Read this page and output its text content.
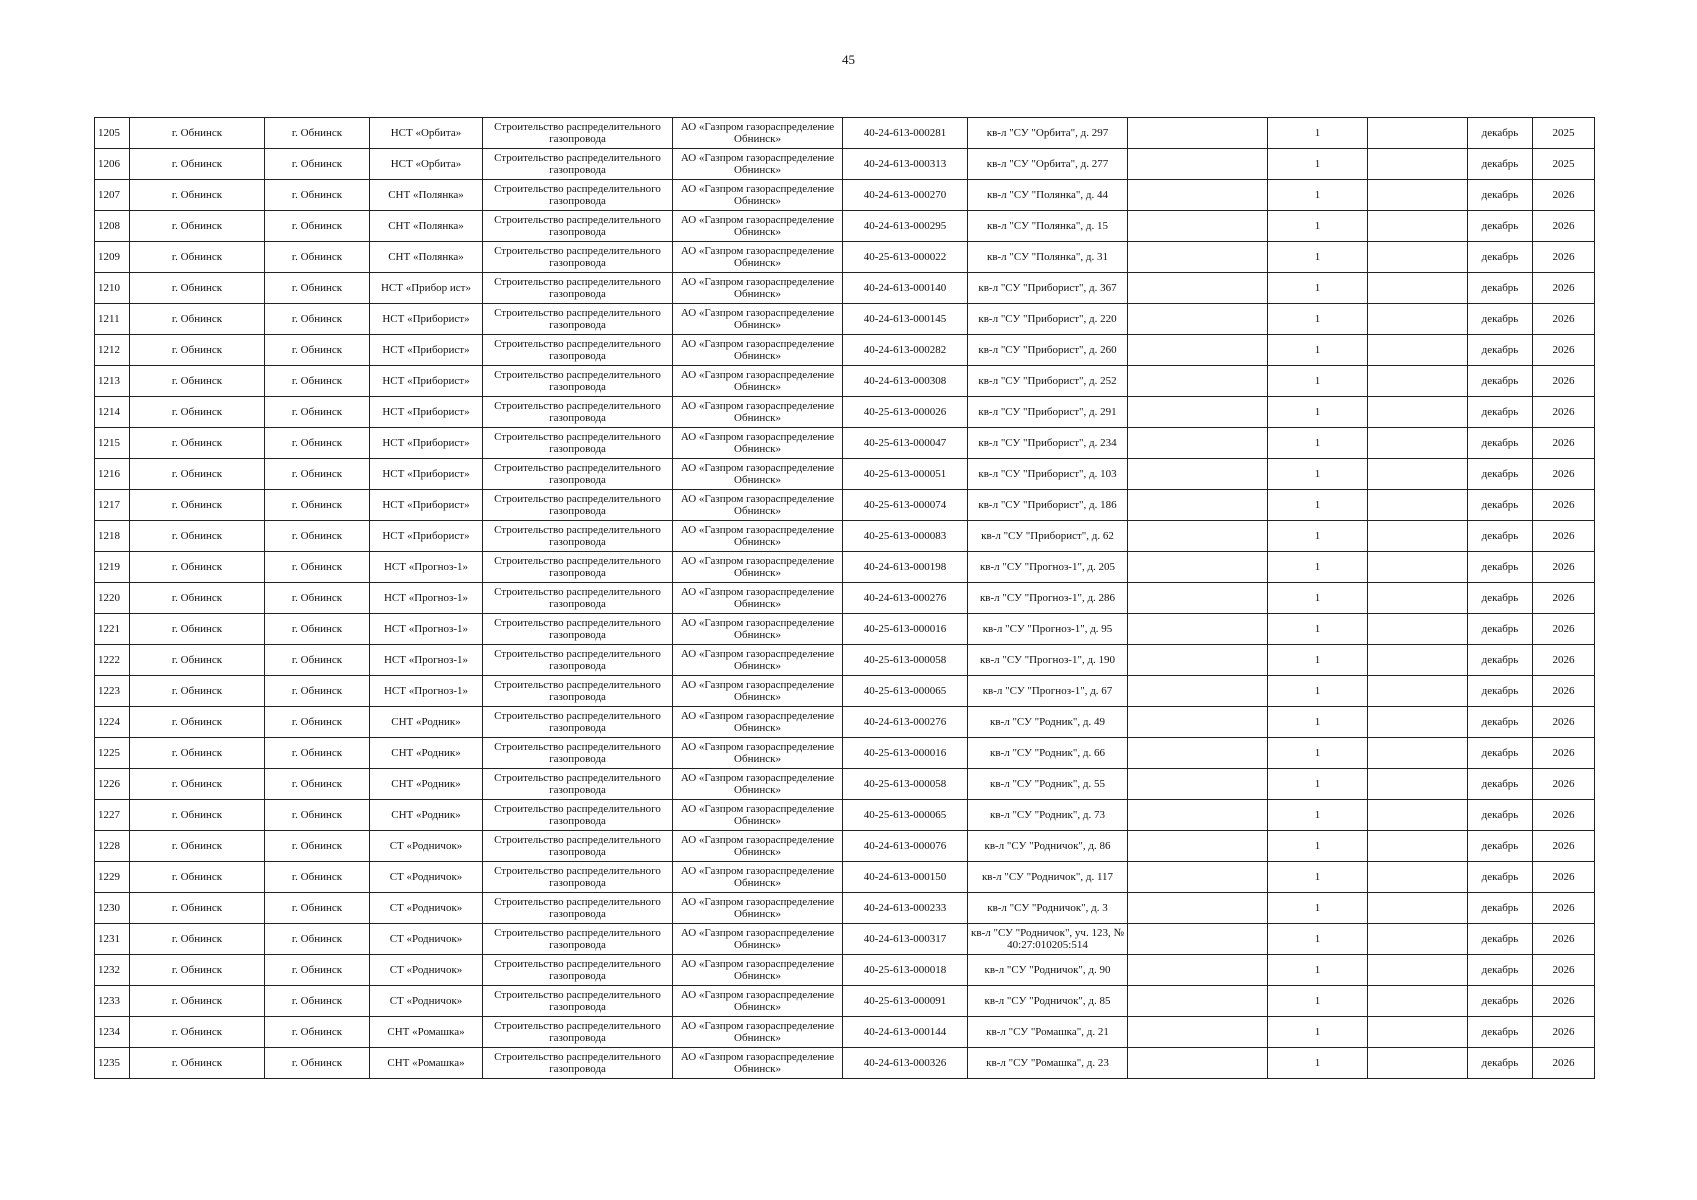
45
1205	г. Обнинск	г. Обнинск	НСТ «Орбита»	Строительство распределительного газопровода	АО «Газпром газораспределение Обнинск»	40-24-613-000281	кв-л "СУ "Орбита", д. 297		1		декабрь	2025
1206	г. Обнинск	г. Обнинск	НСТ «Орбита»	Строительство распределительного газопровода	АО «Газпром газораспределение Обнинск»	40-24-613-000313	кв-л "СУ "Орбита", д. 277		1		декабрь	2025
1207	г. Обнинск	г. Обнинск	СНТ «Полянка»	Строительство распределительного газопровода	АО «Газпром газораспределение Обнинск»	40-24-613-000270	кв-л "СУ "Полянка", д. 44		1		декабрь	2026
1208	г. Обнинск	г. Обнинск	СНТ «Полянка»	Строительство распределительного газопровода	АО «Газпром газораспределение Обнинск»	40-24-613-000295	кв-л "СУ "Полянка", д. 15		1		декабрь	2026
1209	г. Обнинск	г. Обнинск	СНТ «Полянка»	Строительство распределительного газопровода	АО «Газпром газораспределение Обнинск»	40-25-613-000022	кв-л "СУ "Полянка", д. 31		1		декабрь	2026
1210	г. Обнинск	г. Обнинск	НСТ «Прибор ист»	Строительство распределительного газопровода	АО «Газпром газораспределение Обнинск»	40-24-613-000140	кв-л "СУ "Приборист", д. 367		1		декабрь	2026
1211	г. Обнинск	г. Обнинск	НСТ «Приборист»	Строительство распределительного газопровода	АО «Газпром газораспределение Обнинск»	40-24-613-000145	кв-л "СУ "Приборист", д. 220		1		декабрь	2026
1212	г. Обнинск	г. Обнинск	НСТ «Приборист»	Строительство распределительного газопровода	АО «Газпром газораспределение Обнинск»	40-24-613-000282	кв-л "СУ "Приборист", д. 260		1		декабрь	2026
1213	г. Обнинск	г. Обнинск	НСТ «Приборист»	Строительство распределительного газопровода	АО «Газпром газораспределение Обнинск»	40-24-613-000308	кв-л "СУ "Приборист", д. 252		1		декабрь	2026
1214	г. Обнинск	г. Обнинск	НСТ «Приборист»	Строительство распределительного газопровода	АО «Газпром газораспределение Обнинск»	40-25-613-000026	кв-л "СУ "Приборист", д. 291		1		декабрь	2026
1215	г. Обнинск	г. Обнинск	НСТ «Приборист»	Строительство распределительного газопровода	АО «Газпром газораспределение Обнинск»	40-25-613-000047	кв-л "СУ "Приборист", д. 234		1		декабрь	2026
1216	г. Обнинск	г. Обнинск	НСТ «Приборист»	Строительство распределительного газопровода	АО «Газпром газораспределение Обнинск»	40-25-613-000051	кв-л "СУ "Приборист", д. 103		1		декабрь	2026
1217	г. Обнинск	г. Обнинск	НСТ «Приборист»	Строительство распределительного газопровода	АО «Газпром газораспределение Обнинск»	40-25-613-000074	кв-л "СУ "Приборист", д. 186		1		декабрь	2026
1218	г. Обнинск	г. Обнинск	НСТ «Приборист»	Строительство распределительного газопровода	АО «Газпром газораспределение Обнинск»	40-25-613-000083	кв-л "СУ "Приборист", д. 62		1		декабрь	2026
1219	г. Обнинск	г. Обнинск	НСТ «Прогноз-1»	Строительство распределительного газопровода	АО «Газпром газораспределение Обнинск»	40-24-613-000198	кв-л "СУ "Прогноз-1", д. 205		1		декабрь	2026
1220	г. Обнинск	г. Обнинск	НСТ «Прогноз-1»	Строительство распределительного газопровода	АО «Газпром газораспределение Обнинск»	40-24-613-000276	кв-л "СУ "Прогноз-1", д. 286		1		декабрь	2026
1221	г. Обнинск	г. Обнинск	НСТ «Прогноз-1»	Строительство распределительного газопровода	АО «Газпром газораспределение Обнинск»	40-25-613-000016	кв-л "СУ "Прогноз-1", д. 95		1		декабрь	2026
1222	г. Обнинск	г. Обнинск	НСТ «Прогноз-1»	Строительство распределительного газопровода	АО «Газпром газораспределение Обнинск»	40-25-613-000058	кв-л "СУ "Прогноз-1", д. 190		1		декабрь	2026
1223	г. Обнинск	г. Обнинск	НСТ «Прогноз-1»	Строительство распределительного газопровода	АО «Газпром газораспределение Обнинск»	40-25-613-000065	кв-л "СУ "Прогноз-1", д. 67		1		декабрь	2026
1224	г. Обнинск	г. Обнинск	СНТ «Родник»	Строительство распределительного газопровода	АО «Газпром газораспределение Обнинск»	40-24-613-000276	кв-л "СУ "Родник", д. 49		1		декабрь	2026
1225	г. Обнинск	г. Обнинск	СНТ «Родник»	Строительство распределительного газопровода	АО «Газпром газораспределение Обнинск»	40-25-613-000016	кв-л "СУ "Родник", д. 66		1		декабрь	2026
1226	г. Обнинск	г. Обнинск	СНТ «Родник»	Строительство распределительного газопровода	АО «Газпром газораспределение Обнинск»	40-25-613-000058	кв-л "СУ "Родник", д. 55		1		декабрь	2026
1227	г. Обнинск	г. Обнинск	СНТ «Родник»	Строительство распределительного газопровода	АО «Газпром газораспределение Обнинск»	40-25-613-000065	кв-л "СУ "Родник", д. 73		1		декабрь	2026
1228	г. Обнинск	г. Обнинск	СТ «Родничок»	Строительство распределительного газопровода	АО «Газпром газораспределение Обнинск»	40-24-613-000076	кв-л "СУ "Родничок", д. 86		1		декабрь	2026
1229	г. Обнинск	г. Обнинск	СТ «Родничок»	Строительство распределительного газопровода	АО «Газпром газораспределение Обнинск»	40-24-613-000150	кв-л "СУ "Родничок", д. 117		1		декабрь	2026
1230	г. Обнинск	г. Обнинск	СТ «Родничок»	Строительство распределительного газопровода	АО «Газпром газораспределение Обнинск»	40-24-613-000233	кв-л "СУ "Родничок", д. 3		1		декабрь	2026
1231	г. Обнинск	г. Обнинск	СТ «Родничок»	Строительство распределительного газопровода	АО «Газпром газораспределение Обнинск»	40-24-613-000317	кв-л "СУ "Родничок", уч. 123, № 40:27:010205:514		1		декабрь	2026
1232	г. Обнинск	г. Обнинск	СТ «Родничок»	Строительство распределительного газопровода	АО «Газпром газораспределение Обнинск»	40-25-613-000018	кв-л "СУ "Родничок", д. 90		1		декабрь	2026
1233	г. Обнинск	г. Обнинск	СТ «Родничок»	Строительство распределительного газопровода	АО «Газпром газораспределение Обнинск»	40-25-613-000091	кв-л "СУ "Родничок", д. 85		1		декабрь	2026
1234	г. Обнинск	г. Обнинск	СНТ «Ромашка»	Строительство распределительного газопровода	АО «Газпром газораспределение Обнинск»	40-24-613-000144	кв-л "СУ "Ромашка", д. 21		1		декабрь	2026
1235	г. Обнинск	г. Обнинск	СНТ «Ромашка»	Строительство распределительного газопровода	АО «Газпром газораспределение Обнинск»	40-24-613-000326	кв-л "СУ "Ромашка", д. 23		1		декабрь	2026
